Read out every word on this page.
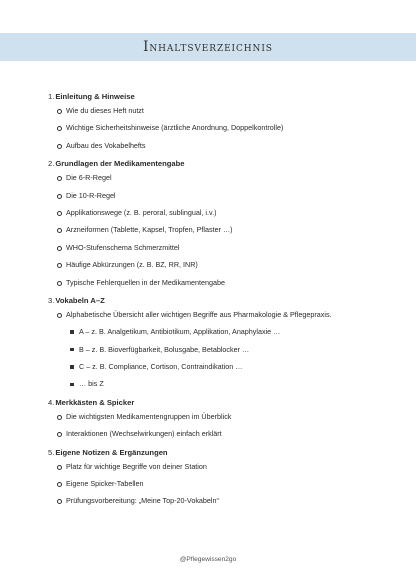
Inhaltsverzeichnis
1. Einleitung & Hinweise
Wie du dieses Heft nutzt
Wichtige Sicherheitshinweise (ärztliche Anordnung, Doppelkontrolle)
Aufbau des Vokabelhefts
2. Grundlagen der Medikamentengabe
Die 6-R-Regel
Die 10-R-Regel
Applikationswege (z. B. peroral, sublingual, i.v.)
Arzneiformen (Tablette, Kapsel, Tropfen, Pflaster …)
WHO-Stufenschema Schmerzmittel
Häufige Abkürzungen (z. B. BZ, RR, INR)
Typische Fehlerquellen in der Medikamentengabe
3. Vokabeln A–Z
Alphabetische Übersicht aller wichtigen Begriffe aus Pharmakologie & Pflegepraxis.
A – z. B. Analgetikum, Antibiotikum, Applikation, Anaphylaxie …
B – z. B. Bioverfügbarkeit, Bolusgabe, Betablocker …
C – z. B. Compliance, Cortison, Contraindikation …
… bis Z
4. Merkkästen & Spicker
Die wichtigsten Medikamentengruppen im Überblick
Interaktionen (Wechselwirkungen) einfach erklärt
5. Eigene Notizen & Ergänzungen
Platz für wichtige Begriffe von deiner Station
Eigene Spicker-Tabellen
Prüfungsvorbereitung: „Meine Top-20-Vokabeln“
@Pflegewissen2go
